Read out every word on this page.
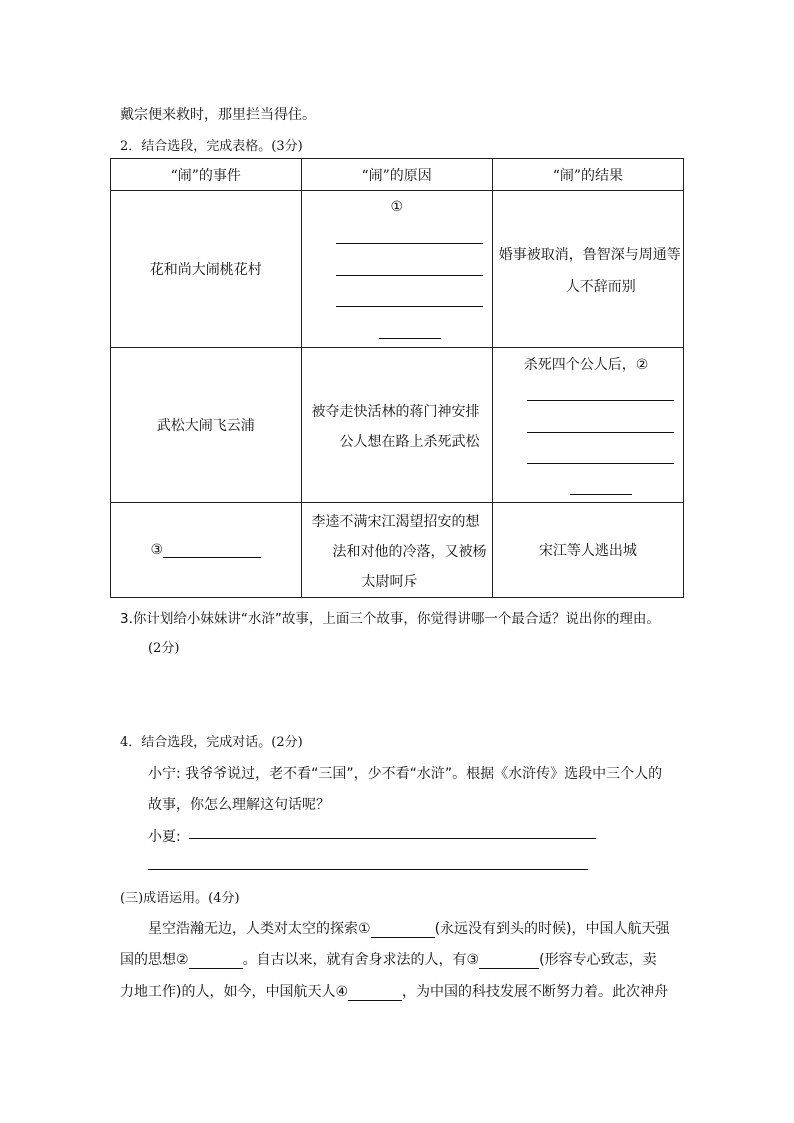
戴宗便来救时，那里拦当得住。
2．结合选段，完成表格。(3分)
“闹”的事件	“闹”的原因	“闹”的结果
花和尚大闹桃花村	①	婚事被取消，鲁智深与周通等
人不辞而别

武松大闹飞云浦	被夺走快活林的蒋门神安排
公人想在路上杀死武松	杀死四个公人后，②

③	李逵不满宋江渴望招安的想
法和对他的冷落，又被杨
太尉呵斥	宋江等人逃出城
3.你计划给小妹妹讲“水浒”故事，上面三个故事，你觉得讲哪一个最合适？说出你的理由。
(2分)
4．结合选段，完成对话。(2分)
小宁: 我爷爷说过，老不看“三国”，少不看“水浒”。根据《水浒传》选段中三个人的
故事，你怎么理解这句话呢？
小夏:
(三)成语运用。(4分)
星空浩瀚无边，人类对太空的探索①	(永远没有到头的时候)，中国人航天强
国的思想②	。自古以来，就有舍身求法的人，有③	(形容专心致志，卖
力地工作)的人，如今，中国航天人④	，为中国的科技发展不断努力着。此次神舟
